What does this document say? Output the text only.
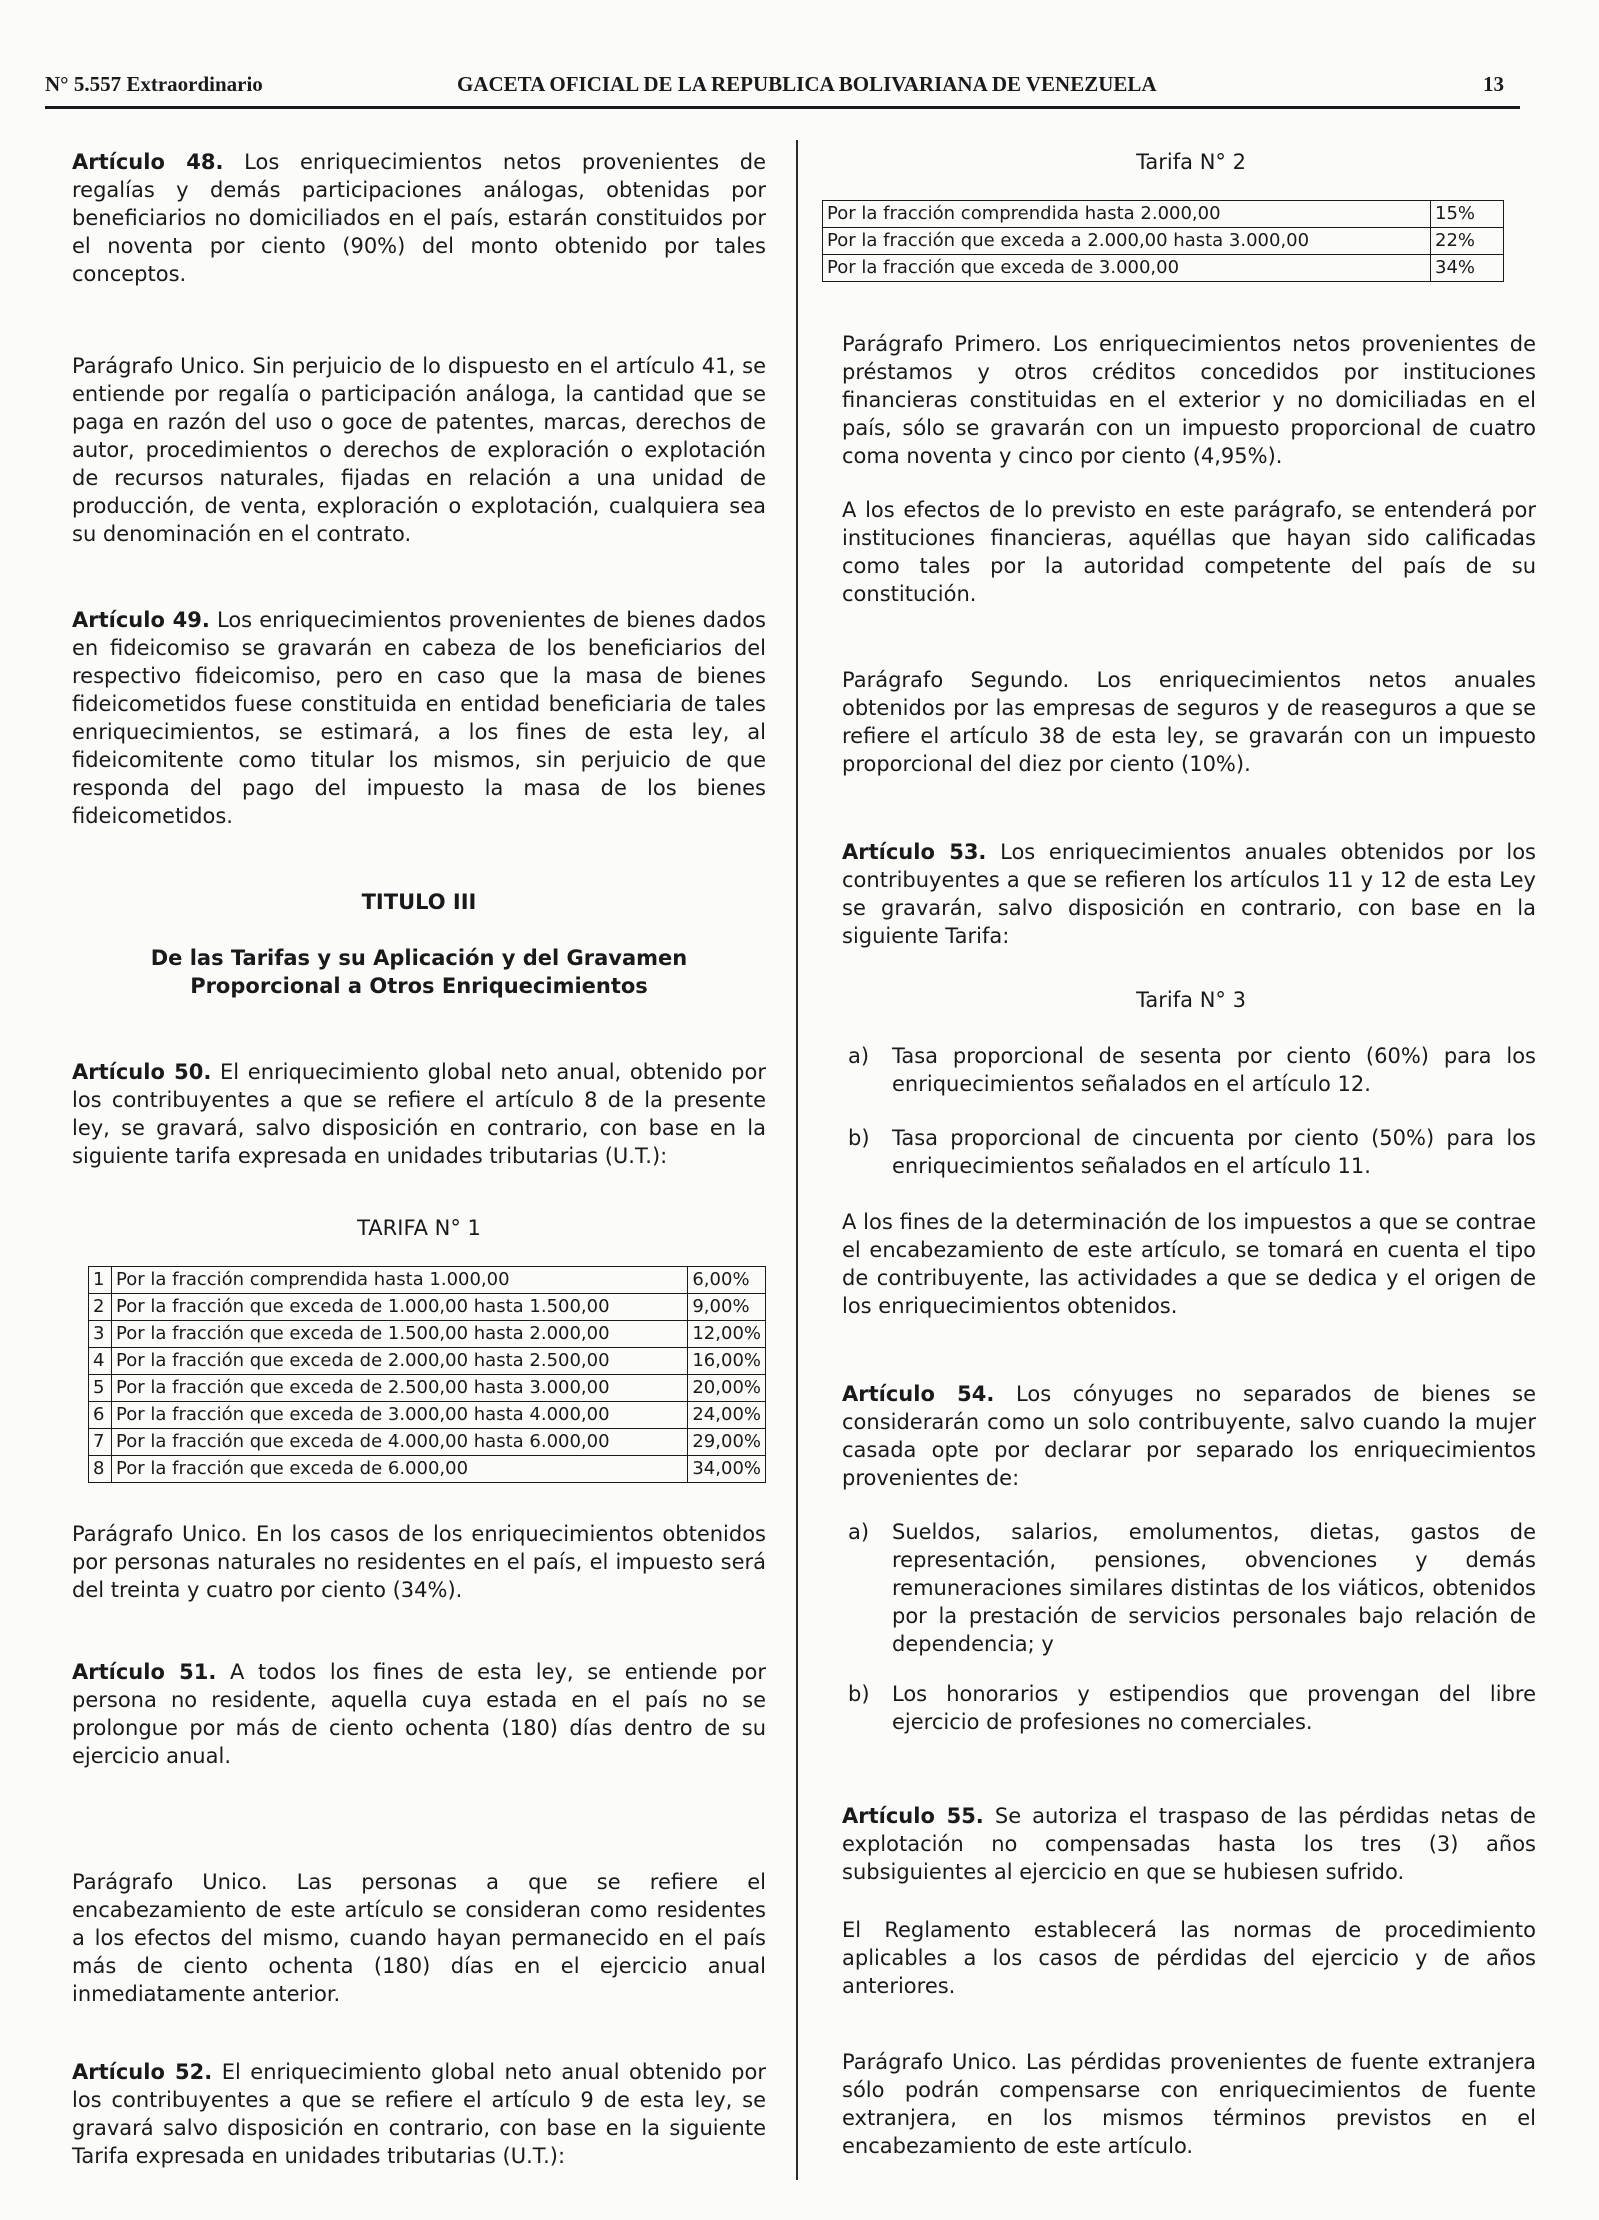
N° 5.557 Extraordinario	GACETA OFICIAL DE LA REPUBLICA BOLIVARIANA DE VENEZUELA	13

Artículo 48. Los enriquecimientos netos provenientes de regalías y demás participaciones análogas, obtenidas por beneficiarios no domiciliados en el país, estarán constituidos por el noventa por ciento (90%) del monto obtenido por tales conceptos.

Parágrafo Unico. Sin perjuicio de lo dispuesto en el artículo 41, se entiende por regalía o participación análoga, la cantidad que se paga en razón del uso o goce de patentes, marcas, derechos de autor, procedimientos o derechos de exploración o explotación de recursos naturales, fijadas en relación a una unidad de producción, de venta, exploración o explotación, cualquiera sea su denominación en el contrato.

Artículo 49. Los enriquecimientos provenientes de bienes dados en fideicomiso se gravarán en cabeza de los beneficiarios del respectivo fideicomiso, pero en caso que la masa de bienes fideicometidos fuese constituida en entidad beneficiaria de tales enriquecimientos, se estimará, a los fines de esta ley, al fideicomitente como titular los mismos, sin perjuicio de que responda del pago del impuesto la masa de los bienes fideicometidos.

TITULO III

De las Tarifas y su Aplicación y del Gravamen

Proporcional a Otros Enriquecimientos

Artículo 50. El enriquecimiento global neto anual, obtenido por los contribuyentes a que se refiere el artículo 8 de la presente ley, se gravará, salvo disposición en contrario, con base en la siguiente tarifa expresada en unidades tributarias (U.T.):

TARIFA N° 1

1	Por la fracción comprendida hasta 1.000,00	6,00%
2	Por la fracción que exceda de 1.000,00 hasta 1.500,00	9,00%
3	Por la fracción que exceda de 1.500,00 hasta 2.000,00	12,00%
4	Por la fracción que exceda de 2.000,00 hasta 2.500,00	16,00%
5	Por la fracción que exceda de 2.500,00 hasta 3.000,00	20,00%
6	Por la fracción que exceda de 3.000,00 hasta 4.000,00	24,00%
7	Por la fracción que exceda de 4.000,00 hasta 6.000,00	29,00%
8	Por la fracción que exceda de 6.000,00	34,00%

Parágrafo Unico. En los casos de los enriquecimientos obtenidos por personas naturales no residentes en el país, el impuesto será del treinta y cuatro por ciento (34%).

Artículo 51. A todos los fines de esta ley, se entiende por persona no residente, aquella cuya estada en el país no se prolongue por más de ciento ochenta (180) días dentro de su ejercicio anual.

Parágrafo Unico. Las personas a que se refiere el encabezamiento de este artículo se consideran como residentes a los efectos del mismo, cuando hayan permanecido en el país más de ciento ochenta (180) días en el ejercicio anual inmediatamente anterior.

Artículo 52. El enriquecimiento global neto anual obtenido por los contribuyentes a que se refiere el artículo 9 de esta ley, se gravará salvo disposición en contrario, con base en la siguiente Tarifa expresada en unidades tributarias (U.T.):

Tarifa N° 2

Por la fracción comprendida hasta 2.000,00	15%
Por la fracción que exceda a 2.000,00 hasta 3.000,00	22%
Por la fracción que exceda de 3.000,00	34%

Parágrafo Primero. Los enriquecimientos netos provenientes de préstamos y otros créditos concedidos por instituciones financieras constituidas en el exterior y no domiciliadas en el país, sólo se gravarán con un impuesto proporcional de cuatro coma noventa y cinco por ciento (4,95%).

A los efectos de lo previsto en este parágrafo, se entenderá por instituciones financieras, aquéllas que hayan sido calificadas como tales por la autoridad competente del país de su constitución.

Parágrafo Segundo. Los enriquecimientos netos anuales obtenidos por las empresas de seguros y de reaseguros a que se refiere el artículo 38 de esta ley, se gravarán con un impuesto proporcional del diez por ciento (10%).

Artículo 53. Los enriquecimientos anuales obtenidos por los contribuyentes a que se refieren los artículos 11 y 12 de esta Ley se gravarán, salvo disposición en contrario, con base en la siguiente Tarifa:

Tarifa N° 3

a) Tasa proporcional de sesenta por ciento (60%) para los enriquecimientos señalados en el artículo 12.

b) Tasa proporcional de cincuenta por ciento (50%) para los enriquecimientos señalados en el artículo 11.

A los fines de la determinación de los impuestos a que se contrae el encabezamiento de este artículo, se tomará en cuenta el tipo de contribuyente, las actividades a que se dedica y el origen de los enriquecimientos obtenidos.

Artículo 54. Los cónyuges no separados de bienes se considerarán como un solo contribuyente, salvo cuando la mujer casada opte por declarar por separado los enriquecimientos provenientes de:

a) Sueldos, salarios, emolumentos, dietas, gastos de representación, pensiones, obvenciones y demás remuneraciones similares distintas de los viáticos, obtenidos por la prestación de servicios personales bajo relación de dependencia; y

b) Los honorarios y estipendios que provengan del libre ejercicio de profesiones no comerciales.

Artículo 55. Se autoriza el traspaso de las pérdidas netas de explotación no compensadas hasta los tres (3) años subsiguientes al ejercicio en que se hubiesen sufrido.

El Reglamento establecerá las normas de procedimiento aplicables a los casos de pérdidas del ejercicio y de años anteriores.

Parágrafo Unico. Las pérdidas provenientes de fuente extranjera sólo podrán compensarse con enriquecimientos de fuente extranjera, en los mismos términos previstos en el encabezamiento de este artículo.
